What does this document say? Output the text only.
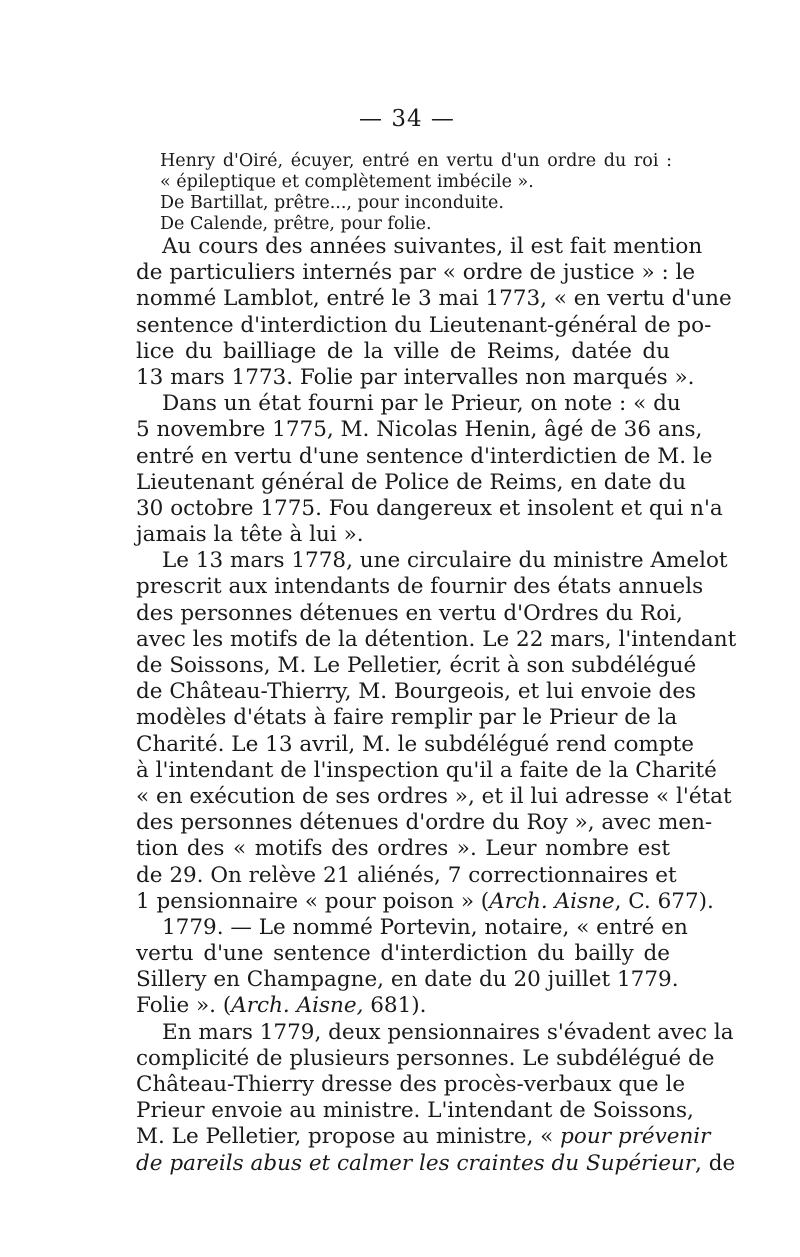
— 34 —

Henry d'Oiré, écuyer, entré en vertu d'un ordre du roi :
« épileptique et complètement imbécile ».
De Bartillat, prêtre..., pour inconduite.
De Calende, prêtre, pour folie.
Au cours des années suivantes, il est fait mention
de particuliers internés par « ordre de justice » : le
nommé Lamblot, entré le 3 mai 1773, « en vertu d'une
sentence d'interdiction du Lieutenant-général de po-
lice du bailliage de la ville de Reims, datée du
13 mars 1773. Folie par intervalles non marqués ».
Dans un état fourni par le Prieur, on note : « du
5 novembre 1775, M. Nicolas Henin, âgé de 36 ans,
entré en vertu d'une sentence d'interdictien de M. le
Lieutenant général de Police de Reims, en date du
30 octobre 1775. Fou dangereux et insolent et qui n'a
jamais la tête à lui ».
Le 13 mars 1778, une circulaire du ministre Amelot
prescrit aux intendants de fournir des états annuels
des personnes détenues en vertu d'Ordres du Roi,
avec les motifs de la détention. Le 22 mars, l'intendant
de Soissons, M. Le Pelletier, écrit à son subdélégué
de Château-Thierry, M. Bourgeois, et lui envoie des
modèles d'états à faire remplir par le Prieur de la
Charité. Le 13 avril, M. le subdélégué rend compte
à l'intendant de l'inspection qu'il a faite de la Charité
« en exécution de ses ordres », et il lui adresse « l'état
des personnes détenues d'ordre du Roy », avec men-
tion des « motifs des ordres ». Leur nombre est
de 29. On relève 21 aliénés, 7 correctionnaires et
1 pensionnaire « pour poison » (Arch. Aisne, C. 677).
1779. — Le nommé Portevin, notaire, « entré en
vertu d'une sentence d'interdiction du bailly de
Sillery en Champagne, en date du 20 juillet 1779.
Folie ». (Arch. Aisne, 681).
En mars 1779, deux pensionnaires s'évadent avec la
complicité de plusieurs personnes. Le subdélégué de
Château-Thierry dresse des procès-verbaux que le
Prieur envoie au ministre. L'intendant de Soissons,
M. Le Pelletier, propose au ministre, « pour prévenir
de pareils abus et calmer les craintes du Supérieur, de
